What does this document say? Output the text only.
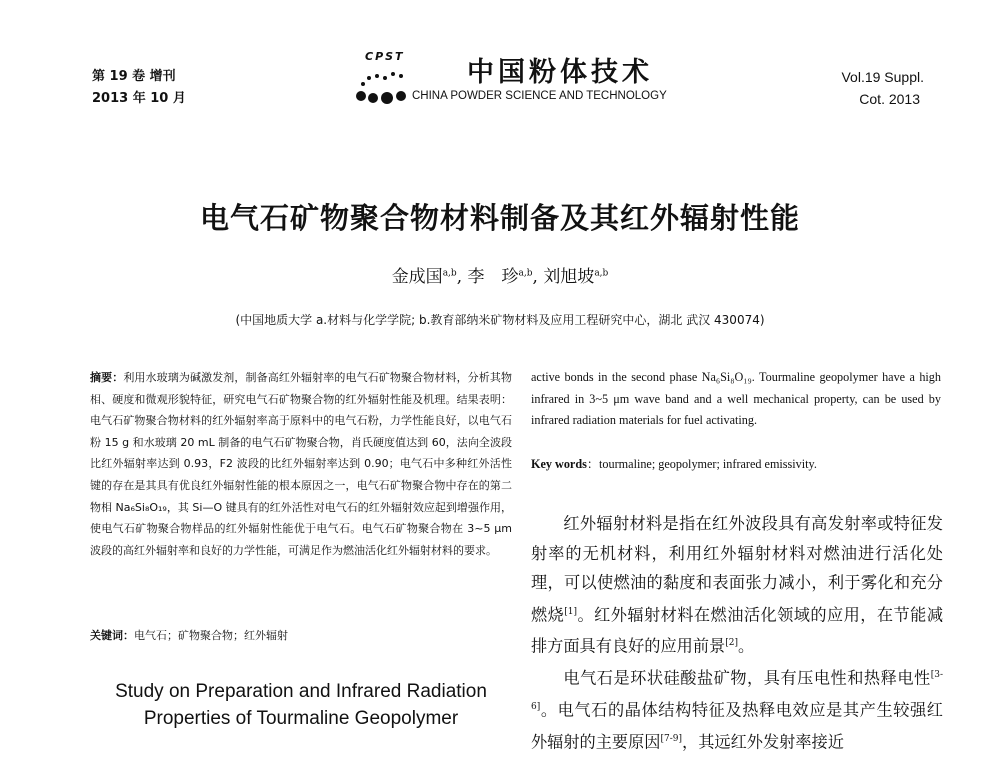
第 19 卷 增刊
2013 年 10 月
CPST
中国粉体技术
CHINA POWDER SCIENCE AND TECHNOLOGY
Vol.19 Suppl.
Cot. 2013
电气石矿物聚合物材料制备及其红外辐射性能
金成国$^{a,b}$, 李　珍$^{a,b}$, 刘旭坡$^{a,b}$
(中国地质大学 a.材料与化学学院; b.教育部纳米矿物材料及应用工程研究中心，湖北 武汉 430074)
摘要：利用水玻璃为碱激发剂，制备高红外辐射率的电气石矿物聚合物材料，分析其物相、硬度和微观形貌特征，研究电气石矿物聚合物的红外辐射性能及机理。结果表明：电气石矿物聚合物材料的红外辐射率高于原料中的电气石粉，力学性能良好，以电气石粉 15 g 和水玻璃 20 mL 制备的电气石矿物聚合物，肖氏硬度值达到 60，法向全波段比红外辐射率达到 0.93，F2 波段的比红外辐射率达到 0.90；电气石中多种红外活性键的存在是其具有优良红外辐射性能的根本原因之一，电气石矿物聚合物中存在的第二物相 Na₆Si₈O₁₉，其 Si—O 键具有的红外活性对电气石的红外辐射效应起到增强作用，使电气石矿物聚合物样品的红外辐射性能优于电气石。电气石矿物聚合物在 3~5 μm 波段的高红外辐射率和良好的力学性能，可满足作为燃油活化红外辐射材料的要求。
关键词：电气石；矿物聚合物；红外辐射
Study on Preparation and Infrared Radiation Properties of Tourmaline Geopolymer
active bonds in the second phase Na₆Si₈O₁₉. Tourmaline geopolymer have a high infrared in 3~5 μm wave band and a well mechanical property, can be used by infrared radiation materials for fuel activating.
Key words：tourmaline; geopolymer; infrared emissivity.

红外辐射材料是指在红外波段具有高发射率或特征发射率的无机材料，利用红外辐射材料对燃油进行活化处理，可以使燃油的黏度和表面张力减小，利于雾化和充分燃烧[1]。红外辐射材料在燃油活化领域的应用，在节能减排方面具有良好的应用前景[2]。

电气石是环状硅酸盐矿物，具有压电性和热释电性[3-6]。电气石的晶体结构特征及热释电效应是其产生较强红外辐射的主要原因[7-9]，其远红外发射率接近
